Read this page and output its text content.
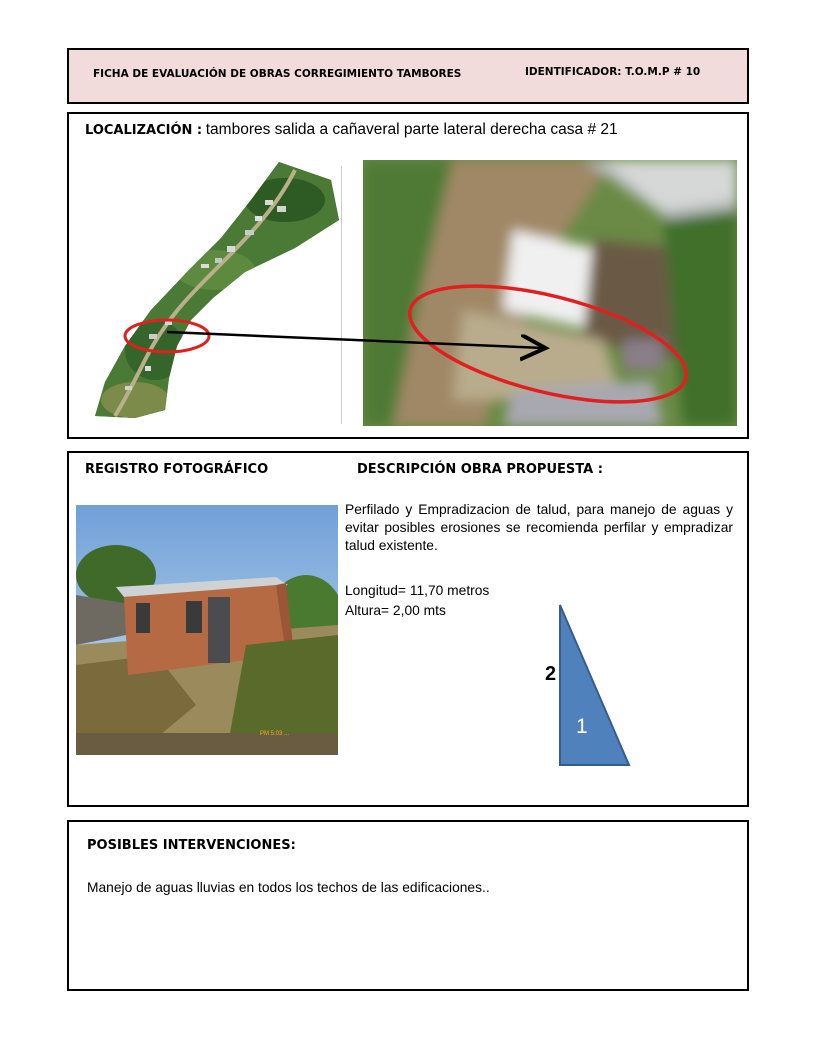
FICHA DE EVALUACIÓN DE OBRAS CORREGIMIENTO TAMBORES	IDENTIFICADOR: T.O.M.P # 10
LOCALIZACIÓN : tambores salida a cañaveral parte lateral derecha casa # 21
REGISTRO FOTOGRÁFICO	DESCRIPCIÓN OBRA PROPUESTA :
PM 5:03 ...
Perfilado y Empradizacion de talud, para manejo de aguas y evitar posibles erosiones se recomienda perfilar y empradizar talud existente.
Longitud= 11,70 metros
Altura= 2,00 mts
2
1
POSIBLES INTERVENCIONES:
Manejo de aguas lluvias en todos los techos de las edificaciones..
